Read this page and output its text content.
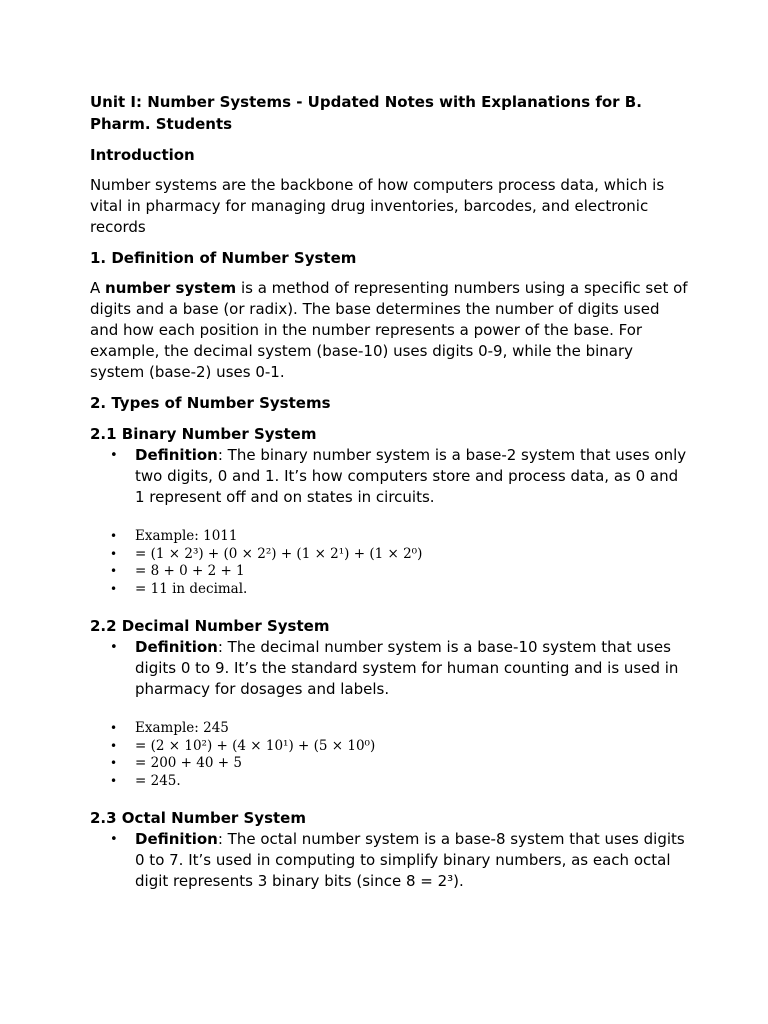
Unit I: Number Systems - Updated Notes with Explanations for B. Pharm. Students

Introduction

Number systems are the backbone of how computers process data, which is vital in pharmacy for managing drug inventories, barcodes, and electronic records

1. Definition of Number System

A number system is a method of representing numbers using a specific set of digits and a base (or radix). The base determines the number of digits used and how each position in the number represents a power of the base. For example, the decimal system (base-10) uses digits 0-9, while the binary system (base-2) uses 0-1.

2. Types of Number Systems

2.1 Binary Number System

• Definition: The binary number system is a base-2 system that uses only two digits, 0 and 1. It’s how computers store and process data, as 0 and 1 represent off and on states in circuits.
• Example: 1011
• = (1 × 2³) + (0 × 2²) + (1 × 2¹) + (1 × 2⁰)
• = 8 + 0 + 2 + 1
• = 11 in decimal.

2.2 Decimal Number System

• Definition: The decimal number system is a base-10 system that uses digits 0 to 9. It’s the standard system for human counting and is used in pharmacy for dosages and labels.
• Example: 245
• = (2 × 10²) + (4 × 10¹) + (5 × 10⁰)
• = 200 + 40 + 5
• = 245.

2.3 Octal Number System

• Definition: The octal number system is a base-8 system that uses digits 0 to 7. It’s used in computing to simplify binary numbers, as each octal digit represents 3 binary bits (since 8 = 2³).
